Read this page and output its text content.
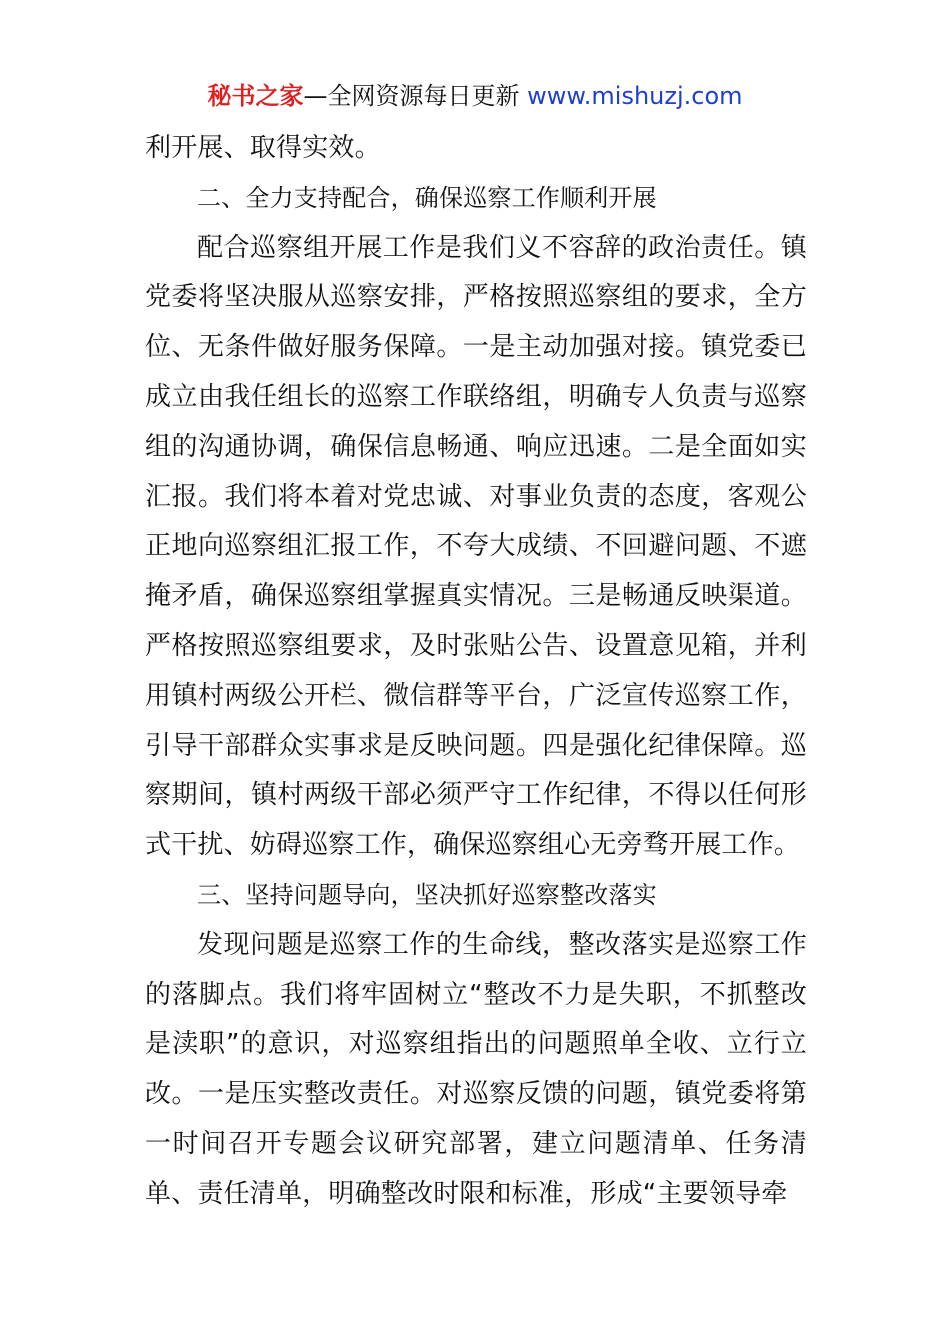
秘书之家—全网资源每日更新 www.mishuzj.com

利开展、取得实效。

二、全力支持配合，确保巡察工作顺利开展

配合巡察组开展工作是我们义不容辞的政治责任。镇党委将坚决服从巡察安排，严格按照巡察组的要求，全方位、无条件做好服务保障。一是主动加强对接。镇党委已成立由我任组长的巡察工作联络组，明确专人负责与巡察组的沟通协调，确保信息畅通、响应迅速。二是全面如实汇报。我们将本着对党忠诚、对事业负责的态度，客观公正地向巡察组汇报工作，不夸大成绩、不回避问题、不遮掩矛盾，确保巡察组掌握真实情况。三是畅通反映渠道。严格按照巡察组要求，及时张贴公告、设置意见箱，并利用镇村两级公开栏、微信群等平台，广泛宣传巡察工作，引导干部群众实事求是反映问题。四是强化纪律保障。巡察期间，镇村两级干部必须严守工作纪律，不得以任何形式干扰、妨碍巡察工作，确保巡察组心无旁骛开展工作。

三、坚持问题导向，坚决抓好巡察整改落实

发现问题是巡察工作的生命线，整改落实是巡察工作的落脚点。我们将牢固树立“整改不力是失职，不抓整改是渎职”的意识，对巡察组指出的问题照单全收、立行立改。一是压实整改责任。对巡察反馈的问题，镇党委将第一时间召开专题会议研究部署，建立问题清单、任务清单、责任清单，明确整改时限和标准，形成“主要领导牵
